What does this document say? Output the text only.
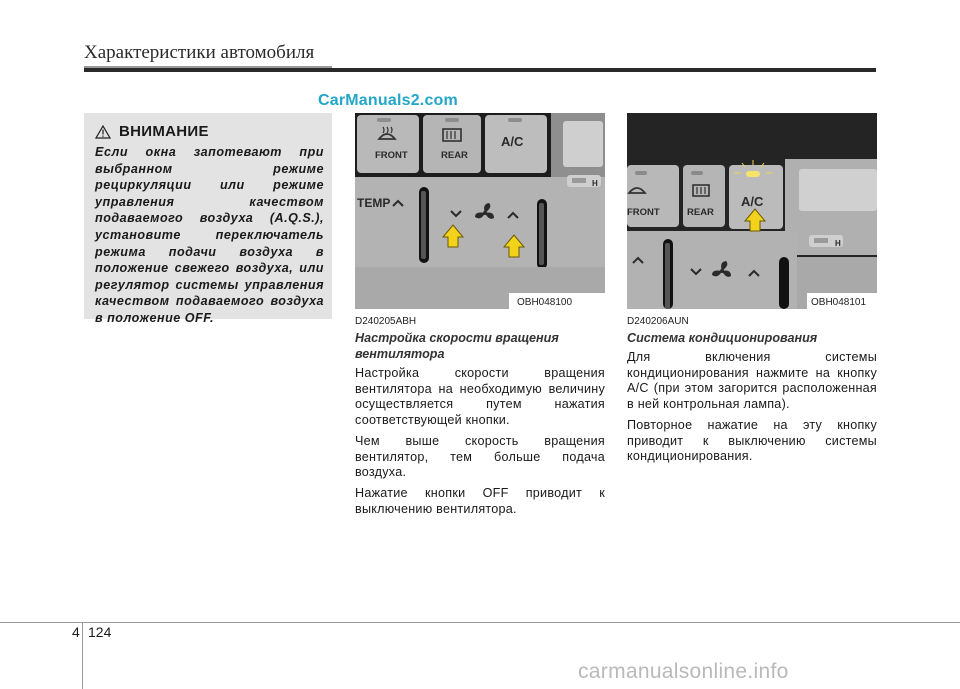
Характеристики автомобиля
CarManuals2.com
ВНИМАНИЕ
Если окна запотевают при выбранном режиме рециркуляции или режиме управления качеством подаваемого воздуха (A.Q.S.), установите переключатель режима подачи воздуха в положение свежего воздуха, или регулятор системы управления качеством подаваемого воздуха в положение OFF.
FRONT	REAR
A/C
H
TEMP
OBH048100
FRONT	REAR
A/C
H
OBH048101
D240205ABH
Настройка скорости вращения вентилятора

Настройка скорости вращения вентилятора на необходимую величину осуществляется путем нажатия соответствующей кнопки.

Чем выше скорость вращения вентилятор, тем больше подача воздуха.

Нажатие кнопки OFF приводит к выключению вентилятора.

D240206AUN
Система кондиционирования

Для включения системы кондиционирования нажмите на кнопку A/C (при этом загорится расположенная в ней контрольная лампа).

Повторное нажатие на эту кнопку приводит к выключению системы кондиционирования.

4 124
carmanualsonline.info
